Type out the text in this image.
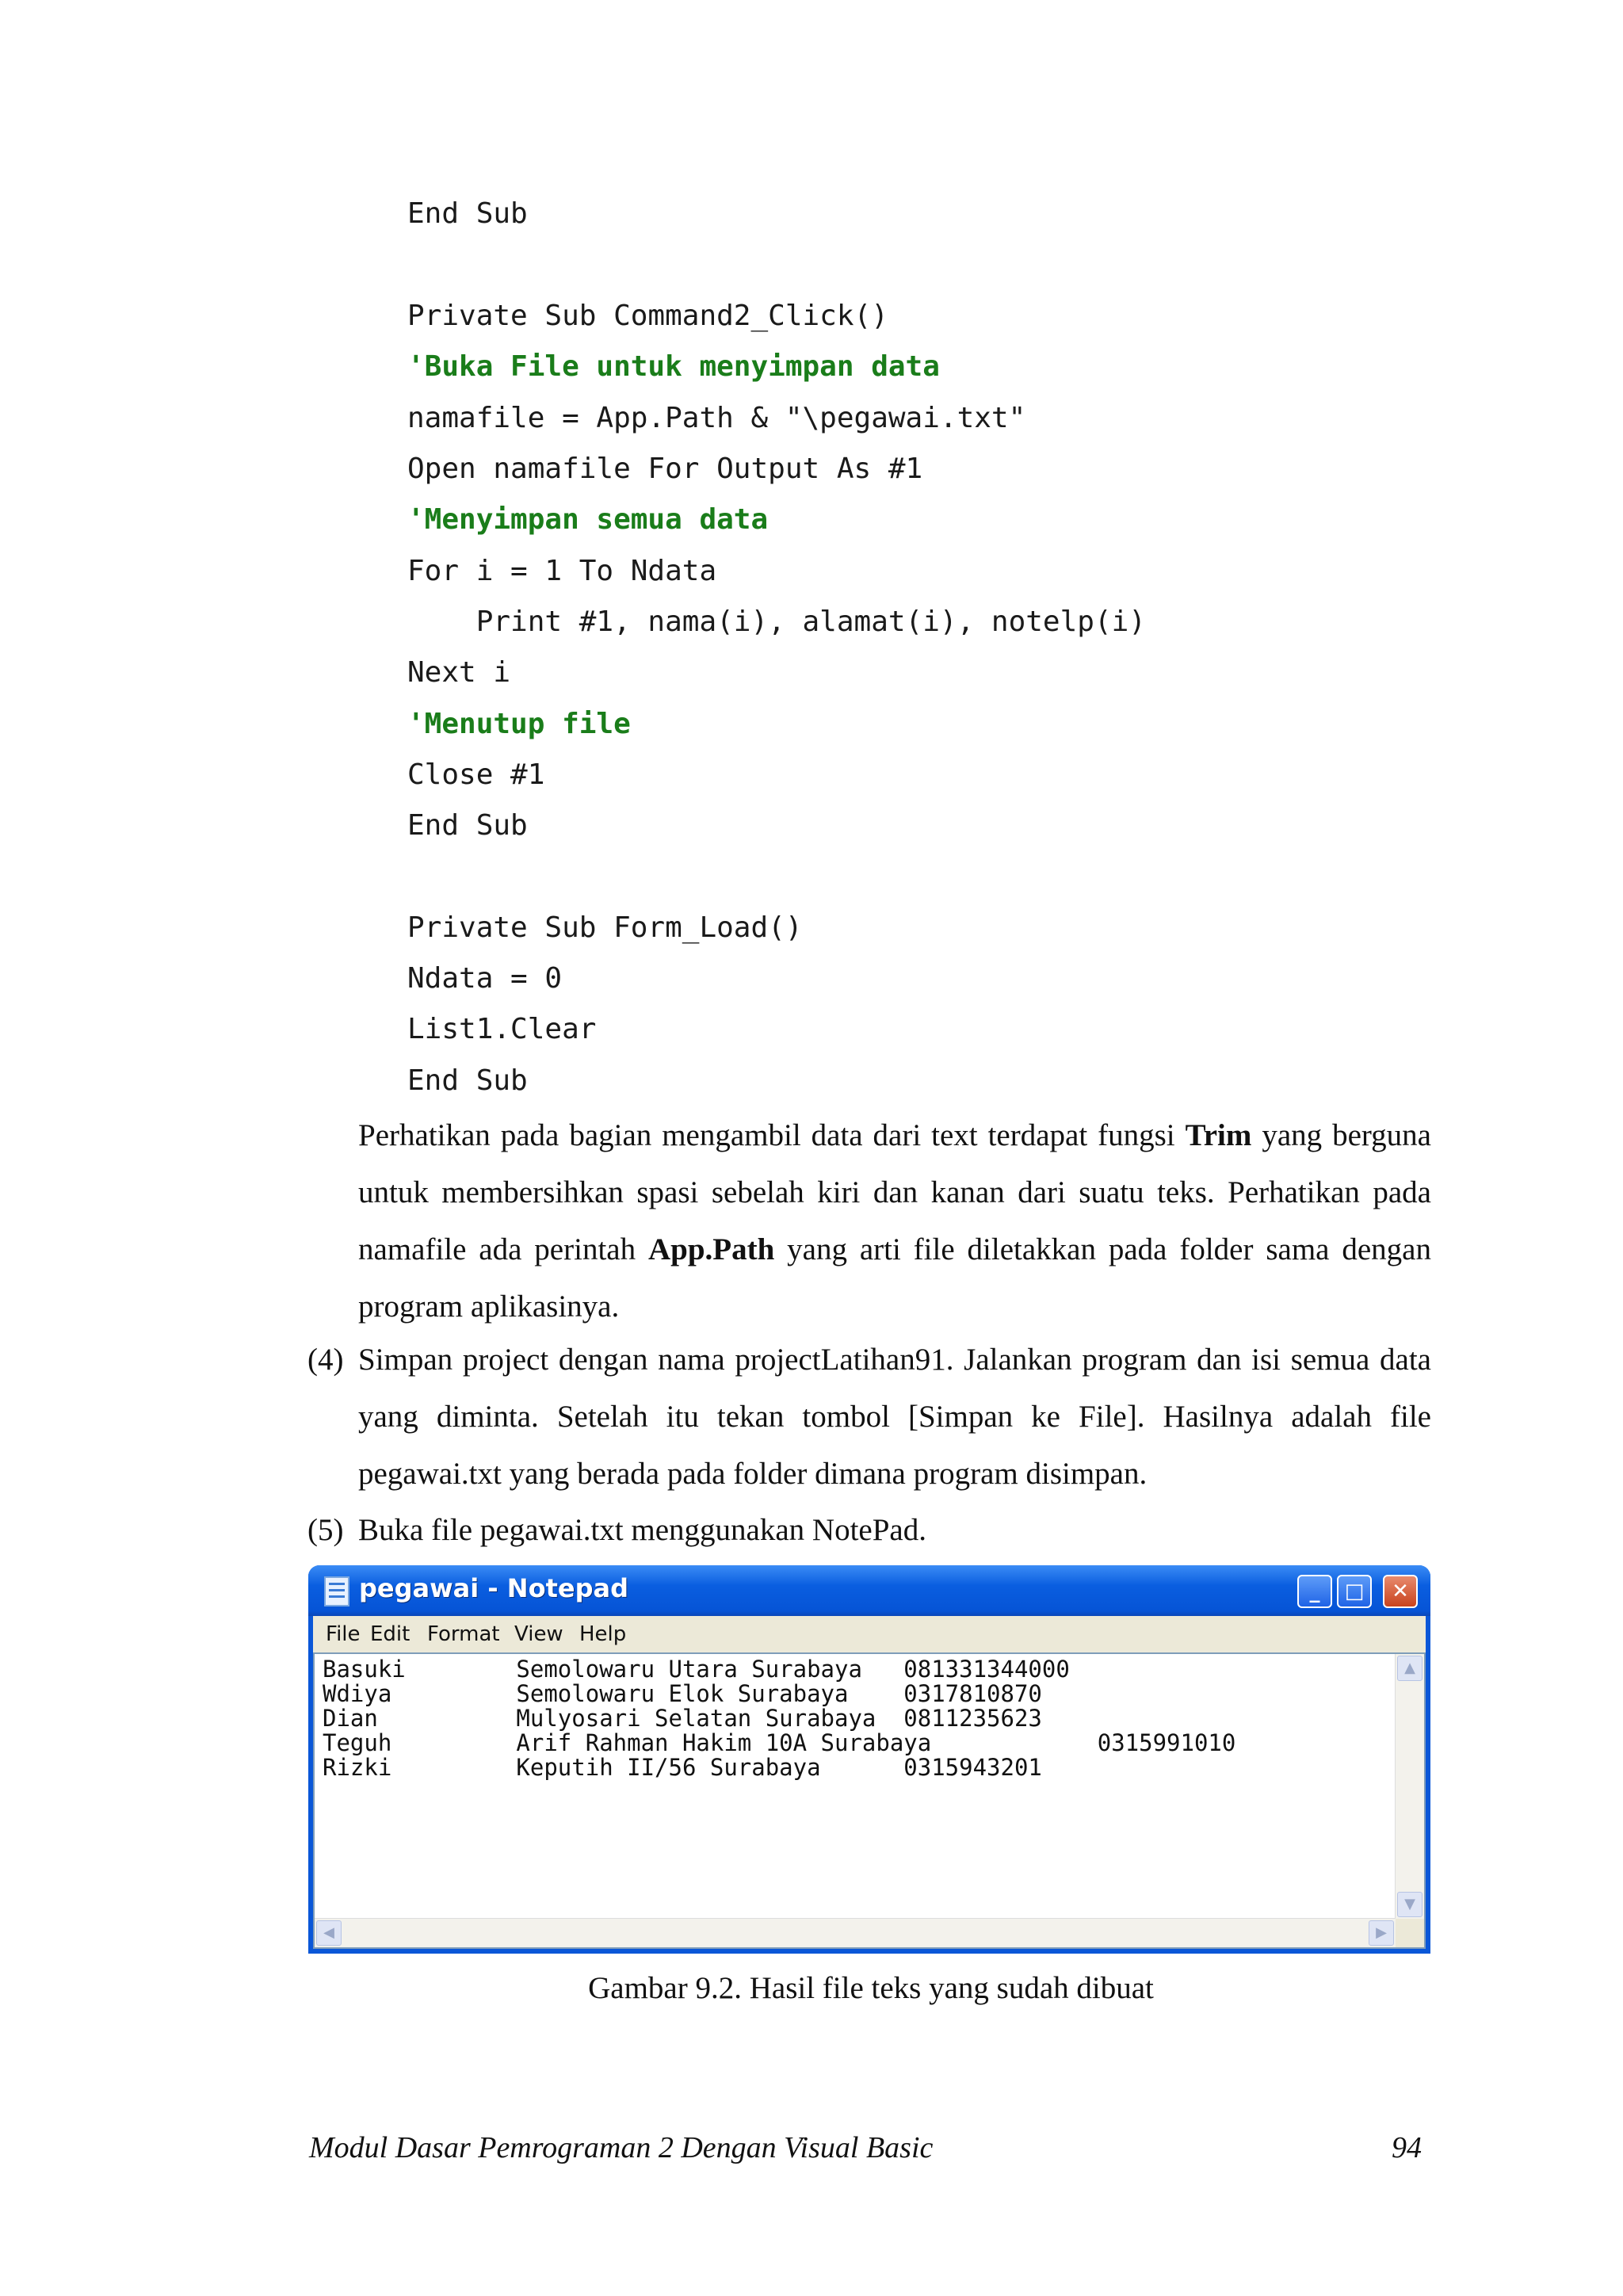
End Sub
Private Sub Command2_Click()
'Buka File untuk menyimpan data
namafile = App.Path & "\pegawai.txt"
Open namafile For Output As #1
'Menyimpan semua data
For i = 1 To Ndata
Print #1, nama(i), alamat(i), notelp(i)
Next i
'Menutup file
Close #1
End Sub
Private Sub Form_Load()
Ndata = 0
List1.Clear
End Sub
Perhatikan pada bagian mengambil data dari text terdapat fungsi Trim yang berguna untuk membersihkan spasi sebelah kiri dan kanan dari suatu teks. Perhatikan pada namafile ada perintah App.Path yang arti file diletakkan pada folder sama dengan program aplikasinya.
(4) Simpan project dengan nama projectLatihan91. Jalankan program dan isi semua data yang diminta. Setelah itu tekan tombol [Simpan ke File]. Hasilnya adalah file pegawai.txt yang berada pada folder dimana program disimpan.
(5) Buka file pegawai.txt menggunakan NotePad.
pegawai - Notepad	_	□	✕
File Edit Format View Help
Basuki        Semolowaru Utara Surabaya   081331344000
Wdiya         Semolowaru Elok Surabaya    0317810870
Dian          Mulyosari Selatan Surabaya  0811235623
Teguh         Arif Rahman Hakim 10A Surabaya            0315991010
Rizki         Keputih II/56 Surabaya      0315943201
▲
▼
◀	▶
Gambar 9.2. Hasil file teks yang sudah dibuat
Modul Dasar Pemrograman 2 Dengan Visual Basic	94
